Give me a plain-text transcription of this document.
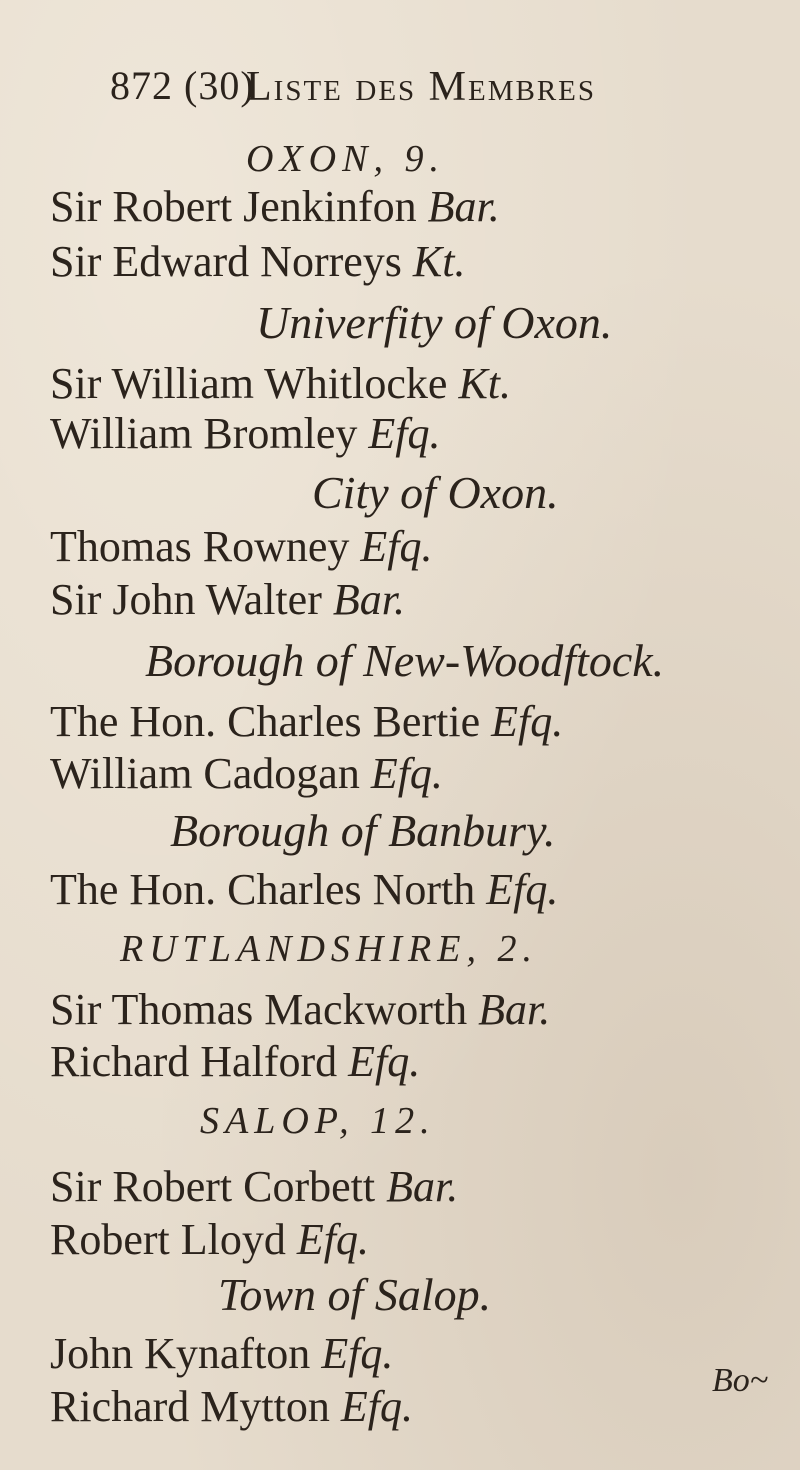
872 (30)
Liste des Membres
OXON, 9.
Sir Robert Jenkinfon Bar.
Sir Edward Norreys Kt.
Univerfity of Oxon.
Sir William Whitlocke Kt.
William Bromley Efq.
City of Oxon.
Thomas Rowney Efq.
Sir John Walter Bar.
Borough of New-Woodftock.
The Hon. Charles Bertie Efq.
William Cadogan Efq.
Borough of Banbury.
The Hon. Charles North Efq.
RUTLANDSHIRE, 2.
Sir Thomas Mackworth Bar.
Richard Halford Efq.
SALOP, 12.
Sir Robert Corbett Bar.
Robert Lloyd Efq.
Town of Salop.
John Kynafton Efq.
Richard Mytton Efq.
Bo~
